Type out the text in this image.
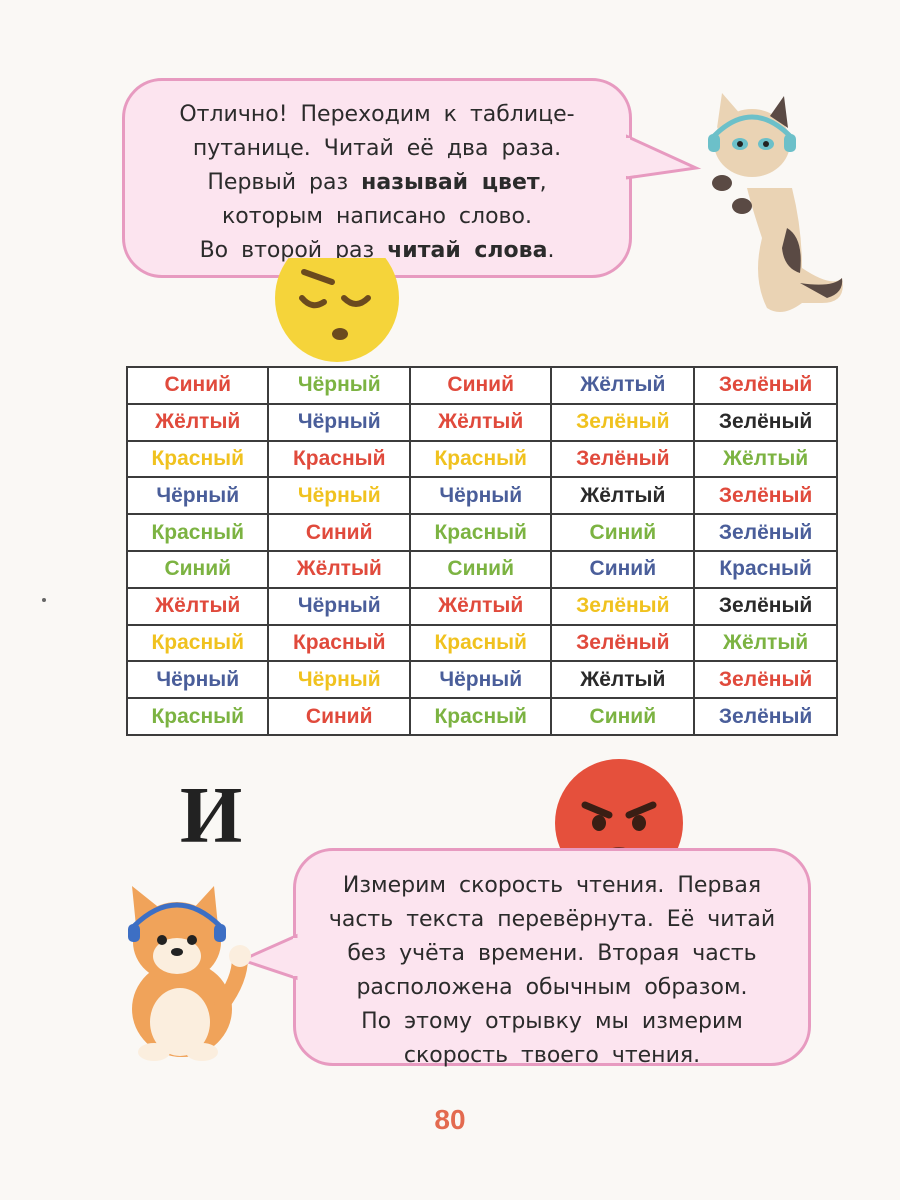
Отлично! Переходим к таблице-

путанице. Читай её два раза.

Первый раз называй цвет,

которым написано слово.

Во второй раз читай слова.

Синий	Чёрный	Синий	Жёлтый	Зелёный
Жёлтый	Чёрный	Жёлтый	Зелёный	Зелёный
Красный	Красный	Красный	Зелёный	Жёлтый
Чёрный	Чёрный	Чёрный	Жёлтый	Зелёный
Красный	Синий	Красный	Синий	Зелёный
Синий	Жёлтый	Синий	Синий	Красный
Жёлтый	Чёрный	Жёлтый	Зелёный	Зелёный
Красный	Красный	Красный	Зелёный	Жёлтый
Чёрный	Чёрный	Чёрный	Жёлтый	Зелёный
Красный	Синий	Красный	Синий	Зелёный
И

Измерим скорость чтения. Первая

часть текста перевёрнута. Её читай

без учёта времени. Вторая часть

расположена обычным образом.

По этому отрывку мы измерим

скорость твоего чтения.

80
